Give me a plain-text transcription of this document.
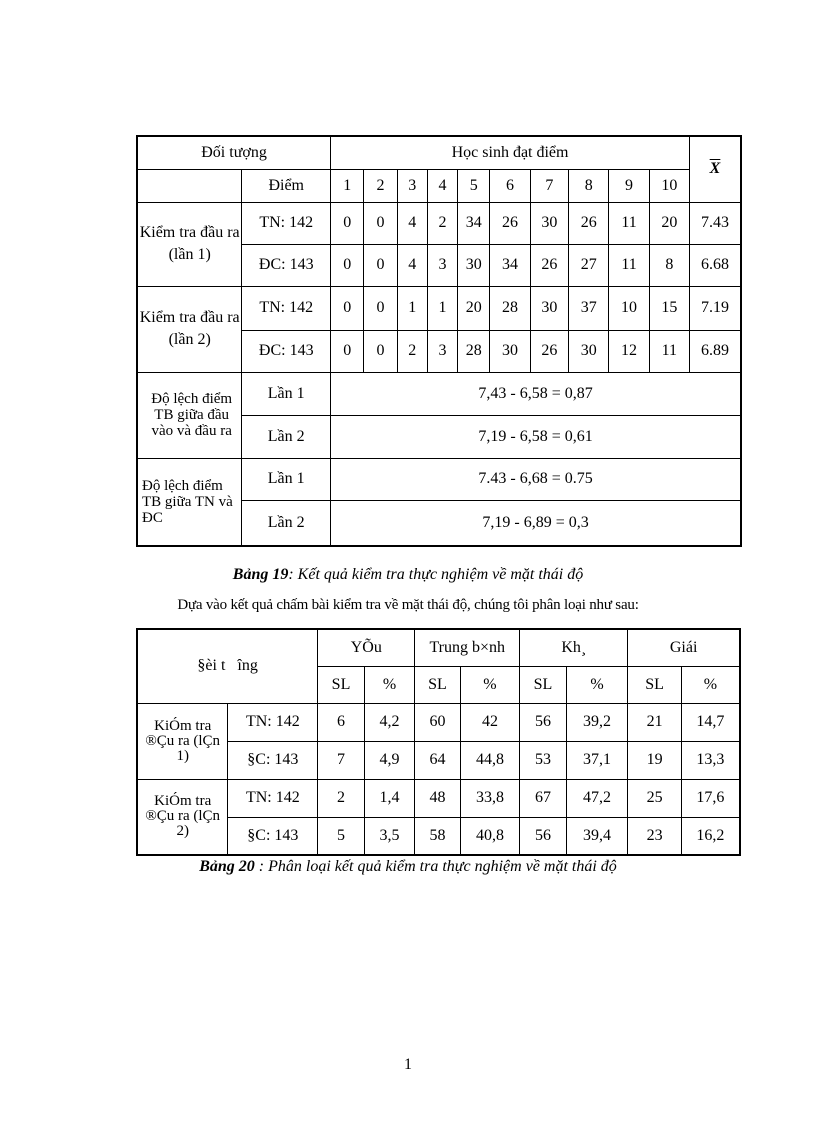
Đối tượng		Học sinh đạt điểm										$\overline{X}$
	Điểm	1	2	3	4	5	6	7	8	9	10	
Kiểm tra đầu ra (lần 1)	TN: 142	0	0	4	2	34	26	30	26	11	20	7.43
	ĐC: 143	0	0	4	3	30	34	26	27	11	8	6.68
Kiểm tra đầu ra (lần 2)	TN: 142	0	0	1	1	20	28	30	37	10	15	7.19
	ĐC: 143	0	0	2	3	28	30	26	30	12	11	6.89
Độ lệch điểm TB giữa đầu vào và đầu ra	Lần 1	7,43 - 6,58 = 0,87										
	Lần 2	7,19 - 6,58 = 0,61										
Độ lệch điểm TB giữa TN và ĐC	Lần 1	7.43 - 6,68 = 0.75										
	Lần 2	7,19 - 6,89 = 0,3										
Bảng 19: Kết quả kiểm tra thực nghiệm về mặt thái độ
Dựa vào kết quả chấm bài kiểm tra về mặt thái độ, chúng tôi phân loại như sau:
§èi t   îng		YÕu		Trung b×nh		Kh¸		Giái	
		SL	%	SL	%	SL	%	SL	%
KiÓm tra ®Çu ra (lÇn 1)	TN: 142	6	4,2	60	42	56	39,2	21	14,7
	§C: 143	7	4,9	64	44,8	53	37,1	19	13,3
KiÓm tra ®Çu ra (lÇn 2)	TN: 142	2	1,4	48	33,8	67	47,2	25	17,6
	§C: 143	5	3,5	58	40,8	56	39,4	23	16,2
Bảng 20 : Phân loại kết quả kiểm tra thực nghiệm về mặt thái độ
1
